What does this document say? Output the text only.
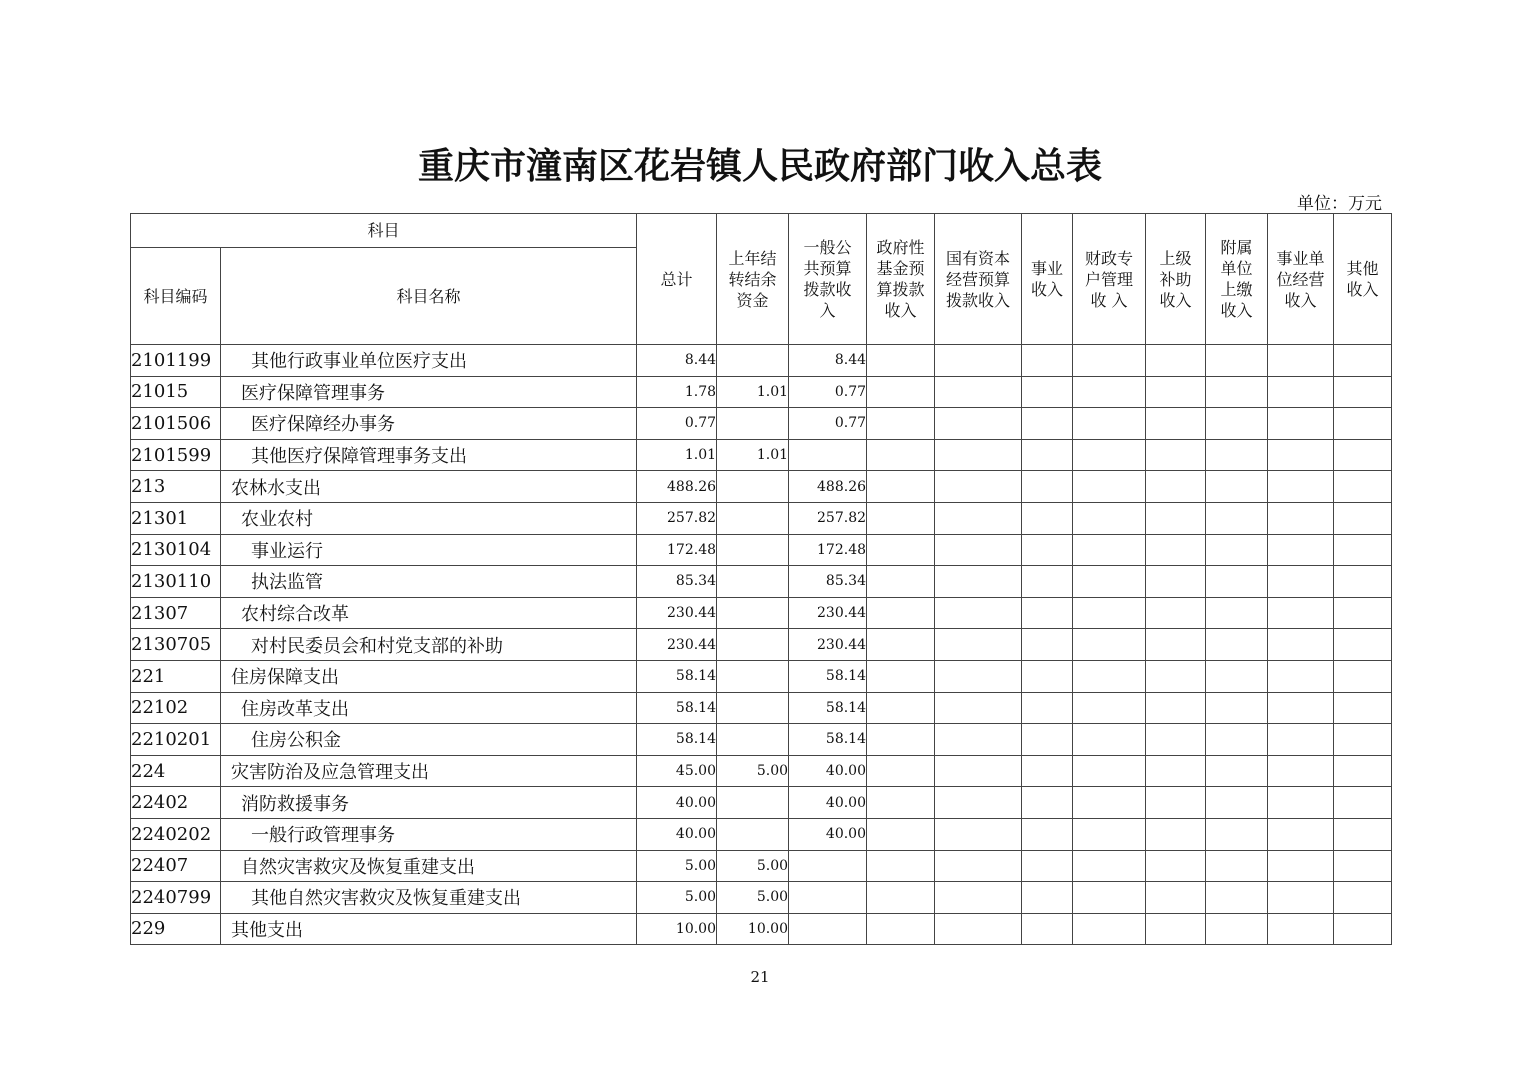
重庆市潼南区花岩镇人民政府部门收入总表
单位：万元
科目		总计	上年结转结余资金	一般公共预算拨款收入	政府性基金预算拨款收入	国有资本经营预算拨款收入	事业收入	财政专户管理收 入	上级补助收入	附属单位上缴收入	事业单位经营收入	其他收入

科目编码	科目名称											
2101199	其他行政事业单位医疗支出	8.44		8.44								
21015	医疗保障管理事务	1.78	1.01	0.77								
2101506	医疗保障经办事务	0.77		0.77								
2101599	其他医疗保障管理事务支出	1.01	1.01									
213	农林水支出	488.26		488.26								
21301	农业农村	257.82		257.82								
2130104	事业运行	172.48		172.48								
2130110	执法监管	85.34		85.34								
21307	农村综合改革	230.44		230.44								
2130705	对村民委员会和村党支部的补助	230.44		230.44								
221	住房保障支出	58.14		58.14								
22102	住房改革支出	58.14		58.14								
2210201	住房公积金	58.14		58.14								
224	灾害防治及应急管理支出	45.00	5.00	40.00								
22402	消防救援事务	40.00		40.00								
2240202	一般行政管理事务	40.00		40.00								
22407	自然灾害救灾及恢复重建支出	5.00	5.00									
2240799	其他自然灾害救灾及恢复重建支出	5.00	5.00									
229	其他支出	10.00	10.00									
21
